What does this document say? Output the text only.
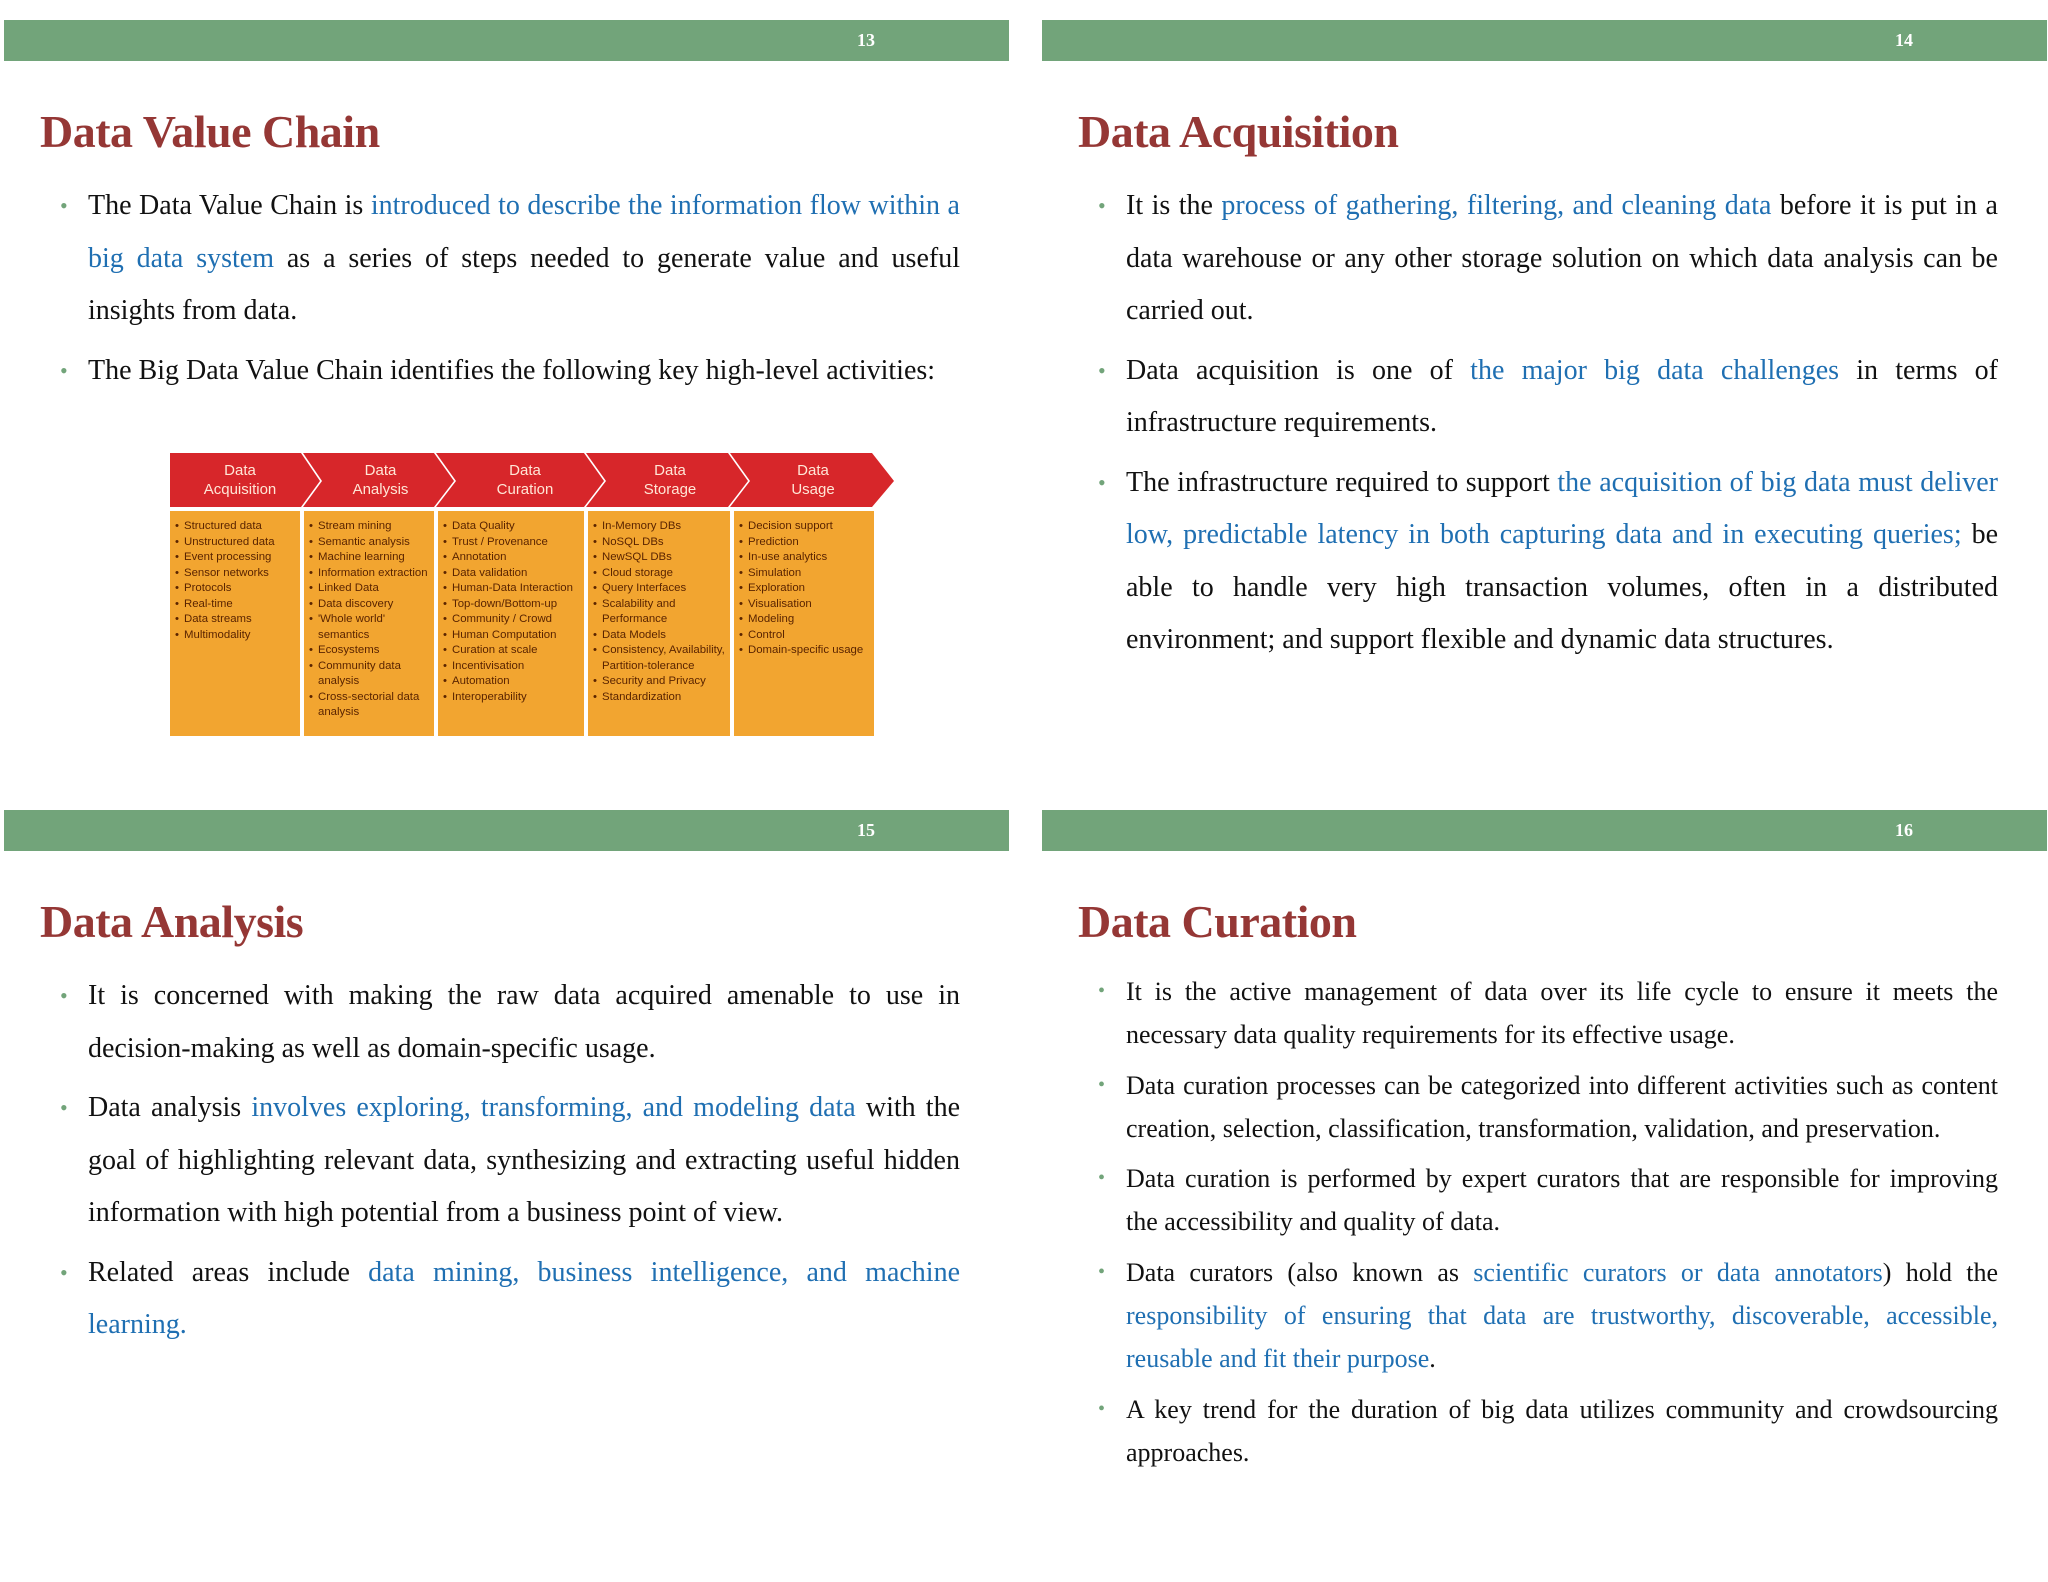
13
Data Value Chain
• The Data Value Chain is introduced to describe the information flow within a big data system as a series of steps needed to generate value and useful insights from data.
• The Big Data Value Chain identifies the following key high-level activities:
Data
Acquisition
Data
Analysis
Data
Curation
Data
Storage
Data
Usage
• Structured data
• Unstructured data
• Event processing
• Sensor networks
• Protocols
• Real-time
• Data streams
• Multimodality
• Stream mining
• Semantic analysis
• Machine learning
• Information extraction
• Linked Data
• Data discovery
• 'Whole world' semantics
• Ecosystems
• Community data analysis
• Cross-sectorial data analysis
• Data Quality
• Trust / Provenance
• Annotation
• Data validation
• Human-Data Interaction
• Top-down/Bottom-up
• Community / Crowd
• Human Computation
• Curation at scale
• Incentivisation
• Automation
• Interoperability
• In-Memory DBs
• NoSQL DBs
• NewSQL DBs
• Cloud storage
• Query Interfaces
• Scalability and Performance
• Data Models
• Consistency, Availability, Partition-tolerance
• Security and Privacy
• Standardization
• Decision support
• Prediction
• In-use analytics
• Simulation
• Exploration
• Visualisation
• Modeling
• Control
• Domain-specific usage
14
Data Acquisition
• It is the process of gathering, filtering, and cleaning data before it is put in a data warehouse or any other storage solution on which data analysis can be carried out.
• Data acquisition is one of the major big data challenges in terms of infrastructure requirements.
• The infrastructure required to support the acquisition of big data must deliver low, predictable latency in both capturing data and in executing queries; be able to handle very high transaction volumes, often in a distributed environment; and support flexible and dynamic data structures.
15
Data Analysis
• It is concerned with making the raw data acquired amenable to use in decision-making as well as domain-specific usage.
• Data analysis involves exploring, transforming, and modeling data with the goal of highlighting relevant data, synthesizing and extracting useful hidden information with high potential from a business point of view.
• Related areas include data mining, business intelligence, and machine learning.
16
Data Curation
• It is the active management of data over its life cycle to ensure it meets the necessary data quality requirements for its effective usage.
• Data curation processes can be categorized into different activities such as content creation, selection, classification, transformation, validation, and preservation.
• Data curation is performed by expert curators that are responsible for improving the accessibility and quality of data.
• Data curators (also known as scientific curators or data annotators) hold the responsibility of ensuring that data are trustworthy, discoverable, accessible, reusable and fit their purpose.
• A key trend for the duration of big data utilizes community and crowdsourcing approaches.
